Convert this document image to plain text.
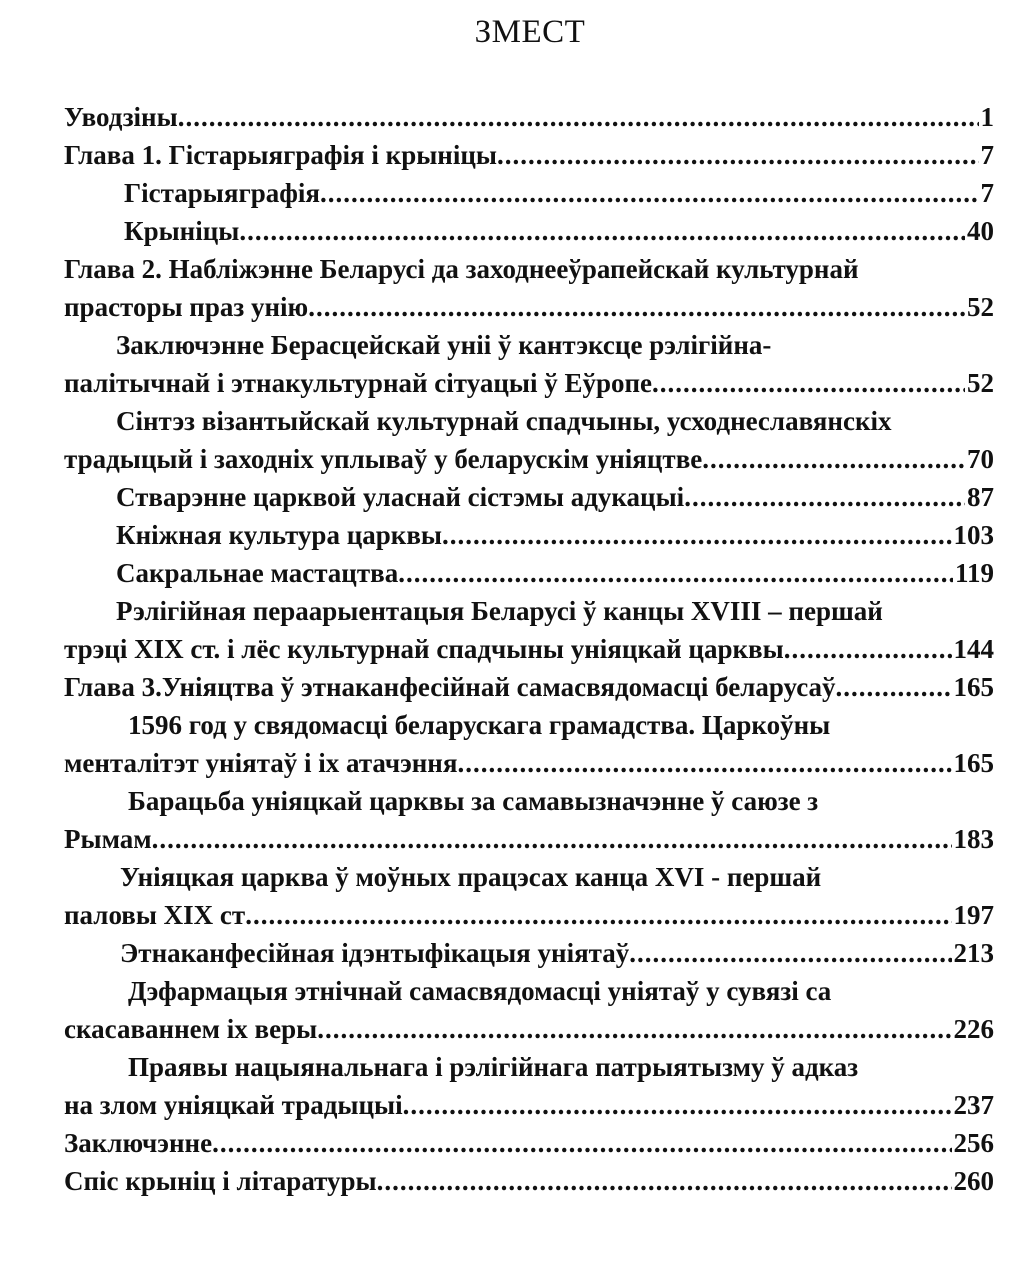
ЗМЕСТ
Уводзіны .....	1
Глава 1. Гістарыяграфія і крыніцы .....	7
Гістарыяграфія .....	7
Крыніцы .....	40
Глава 2. Набліжэнне Беларусі да заходнееўрапейскай культурнай
прасторы праз унію .....	52
Заключэнне Берасцейскай уніі ў кантэксце рэлігійна-
палітычнай і этнакультурнай сітуацыі ў Еўропе .....	52
Сінтэз візантыйскай культурнай спадчыны, усходнеславянскіх
традыцый і заходніх уплываў у беларускім уніяцтве .....	70
Стварэнне царквой уласнай сістэмы адукацыі .....	87
Кніжная культура царквы .....	103
Сакральнае мастацтва .....	119
Рэлігійная пераарыентацыя Беларусі ў канцы XVIII – першай
трэці XIX ст. і лёс культурнай спадчыны уніяцкай царквы .....	144
Глава 3.Уніяцтва ў этнаканфесійнай самасвядомасці беларусаў .....	165
1596 год у свядомасці беларускага грамадства. Царкоўны
менталітэт уніятаў і іх атачэння .....	165
Барацьба уніяцкай царквы за самавызначэнне ў саюзе з
Рымам .....	183
Уніяцкая царква ў моўных працэсах канца XVI - першай
паловы XIX ст .....	197
Этнаканфесійная ідэнтыфікацыя уніятаў .....	213
Дэфармацыя этнічнай самасвядомасці уніятаў у сувязі са
скасаваннем іх веры .....	226
Праявы нацыянальнага і рэлігійнага патрыятызму ў адказ
на злом уніяцкай традыцыі .....	237
Заключэнне .....	256
Спіс крыніц і літаратуры .....	260
